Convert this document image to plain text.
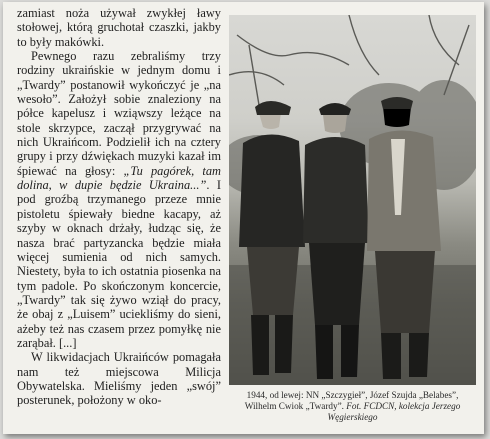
zamiast noża używał zwykłej ławy stołowej, którą gruchotał czaszki, jakby to były makówki.

Pewnego razu zebraliśmy trzy rodziny ukraińskie w jednym domu i „Twardy” postanowił wykończyć je „na wesoło”. Założył sobie znaleziony na półce kapelusz i wziąwszy leżące na stole skrzypce, zaczął przygrywać na nich Ukraińcom. Podzielił ich na cztery grupy i przy dźwiękach muzyki kazał im śpiewać na głosy: „Tu pagórek, tam dolina, w dupie będzie Ukraina...”. I pod groźbą trzymanego przeze mnie pistoletu śpiewały biedne kacapy, aż szyby w oknach drżały, łudząc się, że nasza brać partyzancka będzie miała więcej sumienia od nich samych. Niestety, była to ich ostatnia piosenka na tym padole. Po skończonym koncercie, „Twardy” tak się żywo wziął do pracy, że obaj z „Luisem” uciekliśmy do sieni, ażeby też nas czasem przez pomyłkę nie zarąbał. [...]

W likwidacjach Ukraińców pomagała nam też miejscowa Milicja Obywatelska. Mieliśmy jeden „swój” posterunek, położony w oko-	1944, od lewej: NN „Szczygieł”, Józef Szujda „Belabes”,
Wilhelm Cwiok „Twardy”. Fot. FCDCN, kolekcja Jerzego Węgierskiego
